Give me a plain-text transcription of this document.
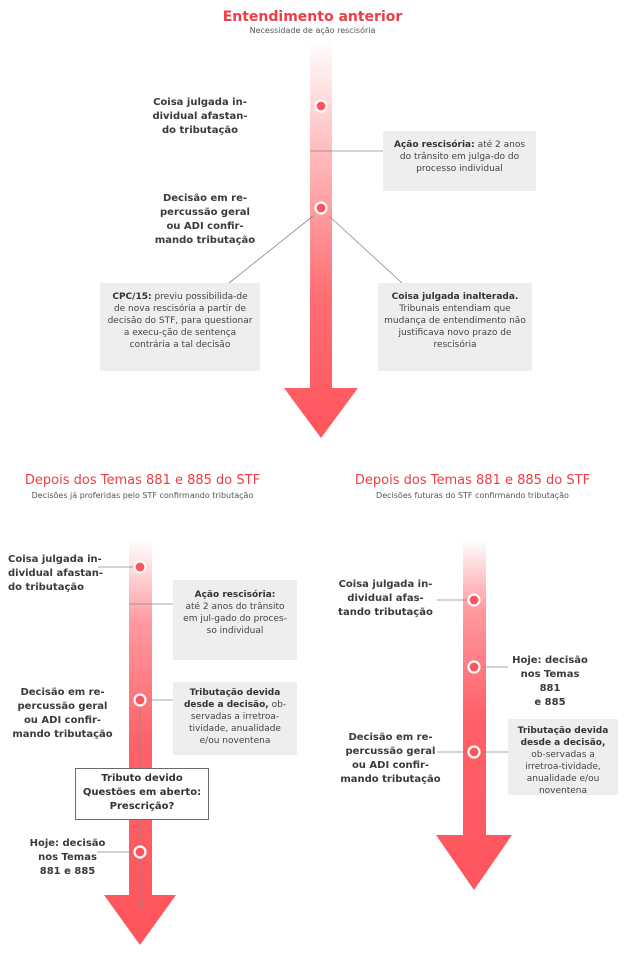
Entendimento anterior
Necessidade de ação rescisória
Coisa julgada in-
dividual afastan-
do tributação
Decisão em re-
percussão geral
ou ADI confir-
mando tributação
Ação rescisória: até 2 anos do trânsito em julga-do do processo individual
CPC/15: previu possibilida-de de nova rescisória a partir de decisão do STF, para questionar a execu-ção de sentença contrária a tal decisão
Coisa julgada inalterada. Tribunais entendiam que mudança de entendimento não justificava novo prazo de rescisória
Depois dos Temas 881 e 885 do STF
Decisões já proferidas pelo STF confirmando tributação
Coisa julgada in-
dividual afastan-
do tributação
Ação rescisória:
até 2 anos do trânsito em jul-gado do proces-so individual
Decisão em re-
percussão geral
ou ADI confir-
mando tributação
Tributação devida desde a decisão, ob-servadas a irretroa-tividade, anualidade e/ou noventena
Tributo devido
Questões em aberto:
Prescrição?
Hoje: decisão
nos Temas
881 e 885
Depois dos Temas 881 e 885 do STF
Decisões futuras do STF confirmando tributação
Coisa julgada in-
dividual afas-
tando tributação
Hoje: decisão
nos Temas 881
e 885
Decisão em re-
percussão geral
ou ADI confir-
mando tributação
Tributação devida desde a decisão, ob-servadas a irretroa-tividade, anualidade e/ou noventena
